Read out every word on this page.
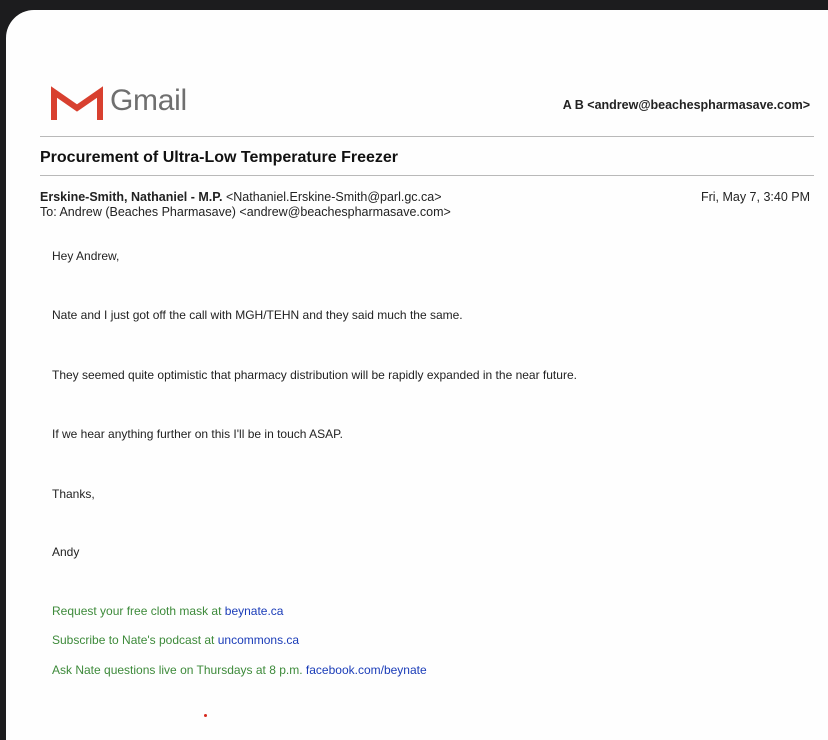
Gmail	A B <andrew@beachespharmasave.com>
Procurement of Ultra-Low Temperature Freezer
Erskine-Smith, Nathaniel - M.P. <Nathaniel.Erskine-Smith@parl.gc.ca>
To: Andrew (Beaches Pharmasave) <andrew@beachespharmasave.com>
Fri, May 7, 3:40 PM
Hey Andrew,
Nate and I just got off the call with MGH/TEHN and they said much the same.
They seemed quite optimistic that pharmacy distribution will be rapidly expanded in the near future.
If we hear anything further on this I'll be in touch ASAP.
Thanks,
Andy
Request your free cloth mask at beynate.ca
Subscribe to Nate's podcast at uncommons.ca
Ask Nate questions live on Thursdays at 8 p.m. facebook.com/beynate
